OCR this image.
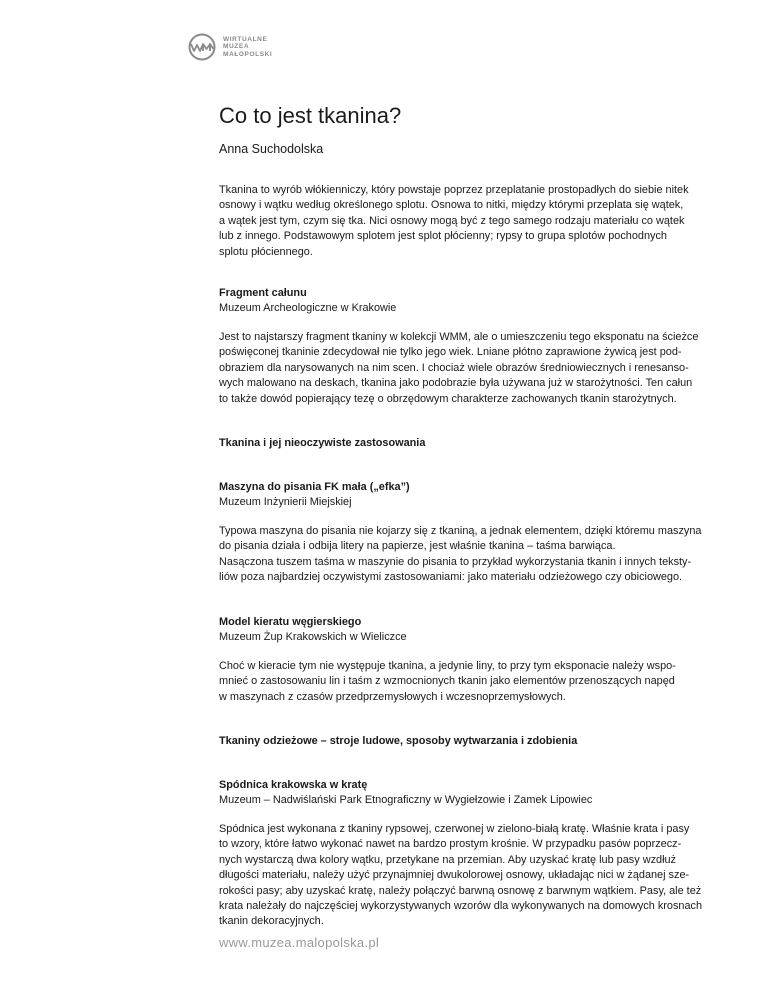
WIRTUALNE
MUZEA
MAŁOPOLSKI
Co to jest tkanina?
Anna Suchodolska

Tkanina to wyrób włókienniczy, który powstaje poprzez przeplatanie prostopadłych do siebie nitek
osnowy i wątku według określonego splotu. Osnowa to nitki, między którymi przeplata się wątek,
a wątek jest tym, czym się tka. Nici osnowy mogą być z tego samego rodzaju materiału co wątek
lub z innego. Podstawowym splotem jest splot płócienny; rypsy to grupa splotów pochodnych
splotu płóciennego.

Fragment całunu
Muzeum Archeologiczne w Krakowie

Jest to najstarszy fragment tkaniny w kolekcji WMM, ale o umieszczeniu tego eksponatu na ścieżce
poświęconej tkaninie zdecydował nie tylko jego wiek. Lniane płótno zaprawione żywicą jest pod-
obraziem dla narysowanych na nim scen. I chociaż wiele obrazów średniowiecznych i renesanso-
wych malowano na deskach, tkanina jako podobrazie była używana już w starożytności. Ten całun
to także dowód popierający tezę o obrzędowym charakterze zachowanych tkanin starożytnych.

Tkanina i jej nieoczywiste zastosowania
Maszyna do pisania FK mała („efka”)
Muzeum Inżynierii Miejskiej

Typowa maszyna do pisania nie kojarzy się z tkaniną, a jednak elementem, dzięki któremu maszyna
do pisania działa i odbija litery na papierze, jest właśnie tkanina – taśma barwiąca.
Nasączona tuszem taśma w maszynie do pisania to przykład wykorzystania tkanin i innych teksty-
liów poza najbardziej oczywistymi zastosowaniami: jako materiału odzieżowego czy obiciowego.

Model kieratu węgierskiego
Muzeum Żup Krakowskich w Wieliczce

Choć w kieracie tym nie występuje tkanina, a jedynie liny, to przy tym eksponacie należy wspo-
mnieć o zastosowaniu lin i taśm z wzmocnionych tkanin jako elementów przenoszących napęd
w maszynach z czasów przedprzemysłowych i wczesnoprzemysłowych.

Tkaniny odzieżowe – stroje ludowe, sposoby wytwarzania i zdobienia
Spódnica krakowska w kratę
Muzeum – Nadwiślański Park Etnograficzny w Wygiełzowie i Zamek Lipowiec

Spódnica jest wykonana z tkaniny rypsowej, czerwonej w zielono-białą kratę. Właśnie krata i pasy
to wzory, które łatwo wykonać nawet na bardzo prostym krośnie. W przypadku pasów poprzecz-
nych wystarczą dwa kolory wątku, przetykane na przemian. Aby uzyskać kratę lub pasy wzdłuż
długości materiału, należy użyć przynajmniej dwukolorowej osnowy, układając nici w żądanej sze-
rokości pasy; aby uzyskać kratę, należy połączyć barwną osnowę z barwnym wątkiem. Pasy, ale też
krata należały do najczęściej wykorzystywanych wzorów dla wykonywanych na domowych krosnach
tkanin dekoracyjnych.

www.muzea.malopolska.pl
